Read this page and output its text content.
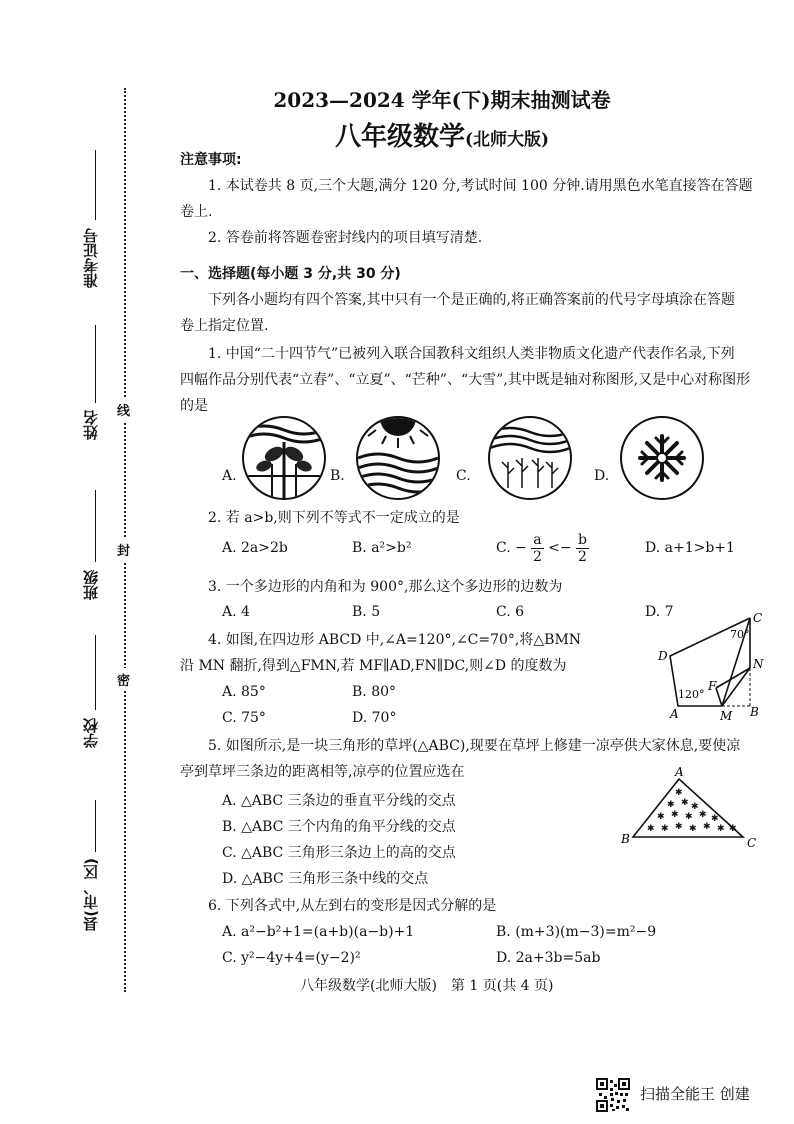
线
封
密
准考证号
姓名
班级
学校
县(市、区)
2023—2024 学年(下)期末抽测试卷
八年级数学(北师大版)
注意事项:
1. 本试卷共 8 页,三个大题,满分 120 分,考试时间 100 分钟.请用黑色水笔直接答在答题
卷上.
2. 答卷前将答题卷密封线内的项目填写清楚.
一、选择题(每小题 3 分,共 30 分)
下列各小题均有四个答案,其中只有一个是正确的,将正确答案前的代号字母填涂在答题
卷上指定位置.
1. 中国“二十四节气”已被列入联合国教科文组织人类非物质文化遗产代表作名录,下列
四幅作品分别代表“立春”、“立夏”、“芒种”、“大雪”,其中既是轴对称图形,又是中心对称图形
的是
A.	B.	C.	D.
2. 若 a>b,则下列不等式不一定成立的是
A. 2a>2b	B. a²>b²	C. − $\frac{a}{2} <- \frac{b}{2}$	D. a+1>b+1
3. 一个多边形的内角和为 900°,那么这个多边形的边数为
A. 4	B. 5	C. 6	D. 7
4. 如图,在四边形 ABCD 中,∠A=120°,∠C=70°,将△BMN
沿 MN 翻折,得到△FMN,若 MF∥AD,FN∥DC,则∠D 的度数为
A. 85°	B. 80°
C. 75°	D. 70°
C
70°
D
N
F
120°
A	M B
5. 如图所示,是一块三角形的草坪(△ABC),现要在草坪上修建一凉亭供大家休息,要使凉
亭到草坪三条边的距离相等,凉亭的位置应选在
A. △ABC 三条边的垂直平分线的交点
B. △ABC 三个内角的角平分线的交点
C. △ABC 三角形三条边上的高的交点
D. △ABC 三角形三条中线的交点
✱
✱ ✱ ✱
✱ ✱ ✱ ✱ ✱
✱ ✱ ✱ ✱ ✱ ✱ ✱
A
B	C
6. 下列各式中,从左到右的变形是因式分解的是
A. a²−b²+1=(a+b)(a−b)+1	B. (m+3)(m−3)=m²−9
C. y²−4y+4=(y−2)²	D. 2a+3b=5ab
八年级数学(北师大版)　第 1 页(共 4 页)
扫描全能王 创建
